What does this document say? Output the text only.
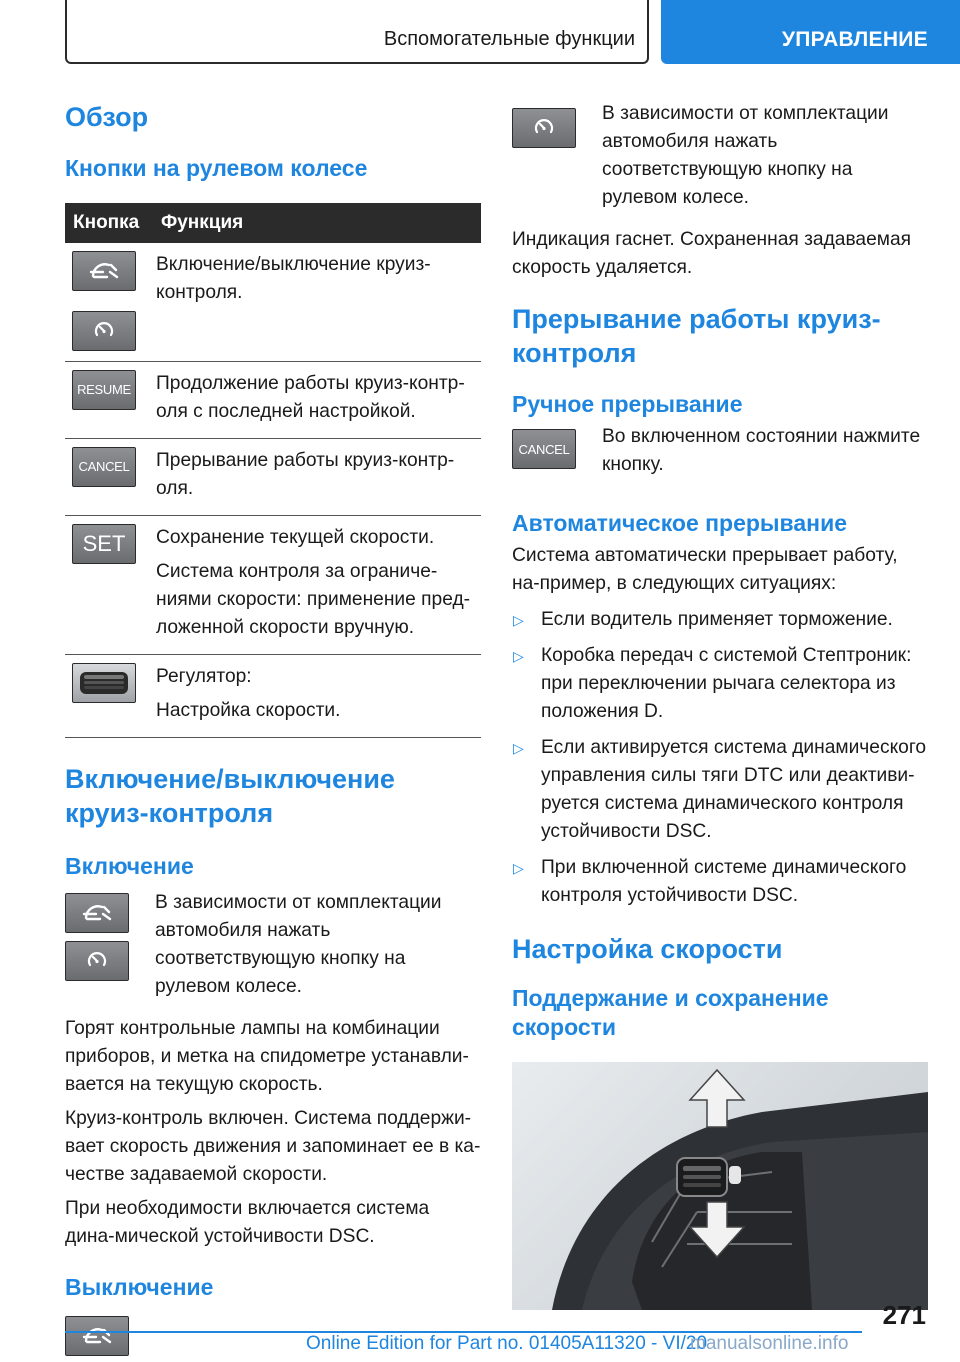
Вспомогательные функции	УПРАВЛЕНИЕ
Обзор
Кнопки на рулевом колесе
Кнопка	Функция

Включение/выключение круиз-контроля.

RESUME	Продолжение работы круиз-контр-оля с последней настройкой.

CANCEL	Прерывание работы круиз-контр-оля.

SET	Сохранение текущей скорости.

Система контроля за ограниче-ниями скорости: применение пред-ложенной скорости вручную.

Регулятор:

Настройка скорости.

Включение/выключение круиз-контроля
Включение

В зависимости от комплектации автомобиля нажать соответствующую кнопку на рулевом колесе.

Горят контрольные лампы на комбинации приборов, и метка на спидометре устанавли-вается на текущую скорость.

Круиз-контроль включен. Система поддержи-вает скорость движения и запоминает ее в ка-честве задаваемой скорости.

При необходимости включается система дина-мической устойчивости DSC.

Выключение

В зависимости от комплектации автомобиля нажать соответствующую кнопку на рулевом колесе.

Индикация гаснет. Сохраненная задаваемая скорость удаляется.

Прерывание работы круиз-контроля
Ручное прерывание
CANCEL

Во включенном состоянии нажмите кнопку.

Автоматическое прерывание

Система автоматически прерывает работу, на-пример, в следующих ситуациях:

▷ Если водитель применяет торможение.
▷ Коробка передач с системой Стептроник: при переключении рычага селектора из положения D.
▷ Если активируется система динамического управления силы тяги DTC или деактиви-руется система динамического контроля устойчивости DSC.
▷ При включенной системе динамического контроля устойчивости DSC.
Настройка скорости
Поддержание и сохранение скорости
271
Online Edition for Part no. 01405A11320 - VI/20
manualsonline.info
